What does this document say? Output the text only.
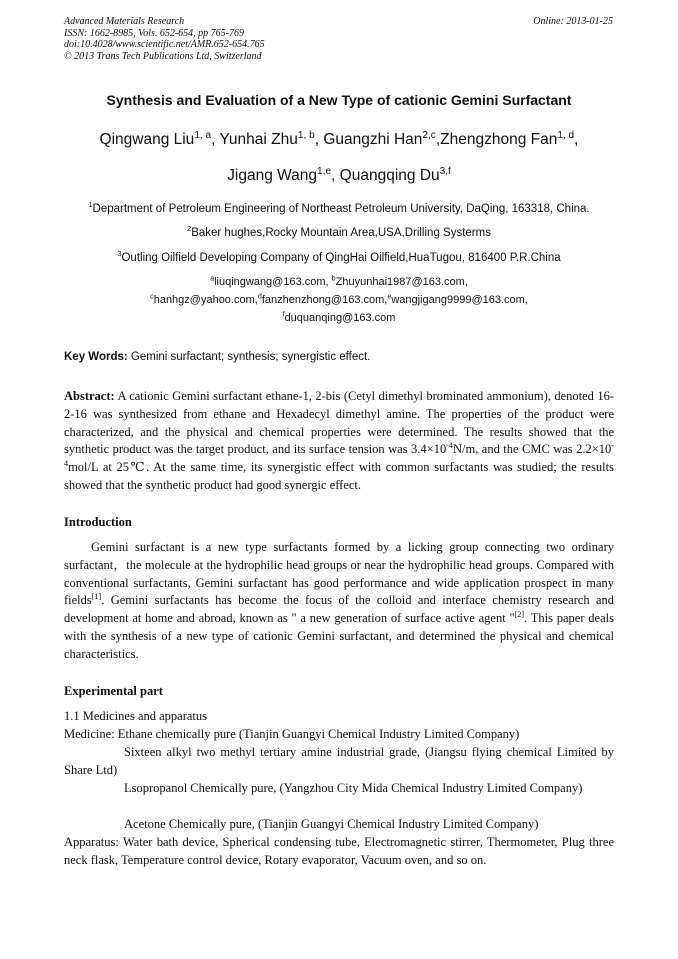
Advanced Materials Research
ISSN: 1662-8985, Vols. 652-654, pp 765-769
doi:10.4028/www.scientific.net/AMR.652-654.765
© 2013 Trans Tech Publications Ltd, Switzerland
Online: 2013-01-25
Synthesis and Evaluation of a New Type of cationic Gemini Surfactant
Qingwang Liu$^{1, a}$, Yunhai Zhu$^{1, b}$, Guangzhi Han$^{2,c}$,Zhengzhong Fan$^{1, d}$,
Jigang Wang$^{1,e}$, Quangqing Du$^{3,f}$
$^1$Department of Petroleum Engineering of Northeast Petroleum University, DaQing, 163318, China.
$^2$Baker hughes,Rocky Mountain Area,USA,Drilling Systerms
$^3$Outling Oilfield Developing Company of QingHai Oilfield,HuaTugou, 816400 P.R.China
$^a$liuqingwang@163.com, $^b$Zhuyunhai1987@163.com,
$^c$hanhgz@yahoo.com,$^d$fanzhenzhong@163.com,$^e$wangjigang9999@163.com,
$^f$duquanqing@163.com
Key Words: Gemini surfactant; synthesis; synergistic effect.
Abstract: A cationic Gemini surfactant ethane-1, 2-bis (Cetyl dimethyl brominated ammonium), denoted 16-2-16 was synthesized from ethane and Hexadecyl dimethyl amine. The properties of the product were characterized, and the physical and chemical properties were determined. The results showed that the synthetic product was the target product, and its surface tension was $3.4\times 10^{-4}N/m$, and the CMC was $2.2\times 10^{-4}mol/L$ at 25℃. At the same time, its synergistic effect with common surfactants was studied; the results showed that the synthetic product had good synergic effect.
Introduction
Gemini surfactant is a new type surfactants formed by a licking group connecting two ordinary surfactant，the molecule at the hydrophilic head groups or near the hydrophilic head groups. Compared with conventional surfactants, Gemini surfactant has good performance and wide application prospect in many fields[1]. Gemini surfactants has become the focus of the colloid and interface chemistry research and development at home and abroad, known as " a new generation of surface active agent "[2]. This paper deals with the synthesis of a new type of cationic Gemini surfactant, and determined the physical and chemical characteristics.
Experimental part
1.1 Medicines and apparatus
Medicine: Ethane chemically pure (Tianjin Guangyi Chemical Industry Limited Company)
Sixteen alkyl two methyl tertiary amine industrial grade, (Jiangsu flying chemical Limited by Share Ltd)
Lsopropanol Chemically pure, (Yangzhou City Mida Chemical Industry Limited Company)
Acetone Chemically pure, (Tianjin Guangyi Chemical Industry Limited Company)
Apparatus: Water bath device, Spherical condensing tube, Electromagnetic stirrer, Thermometer, Plug three neck flask, Temperature control device, Rotary evaporator, Vacuum oven, and so on.
